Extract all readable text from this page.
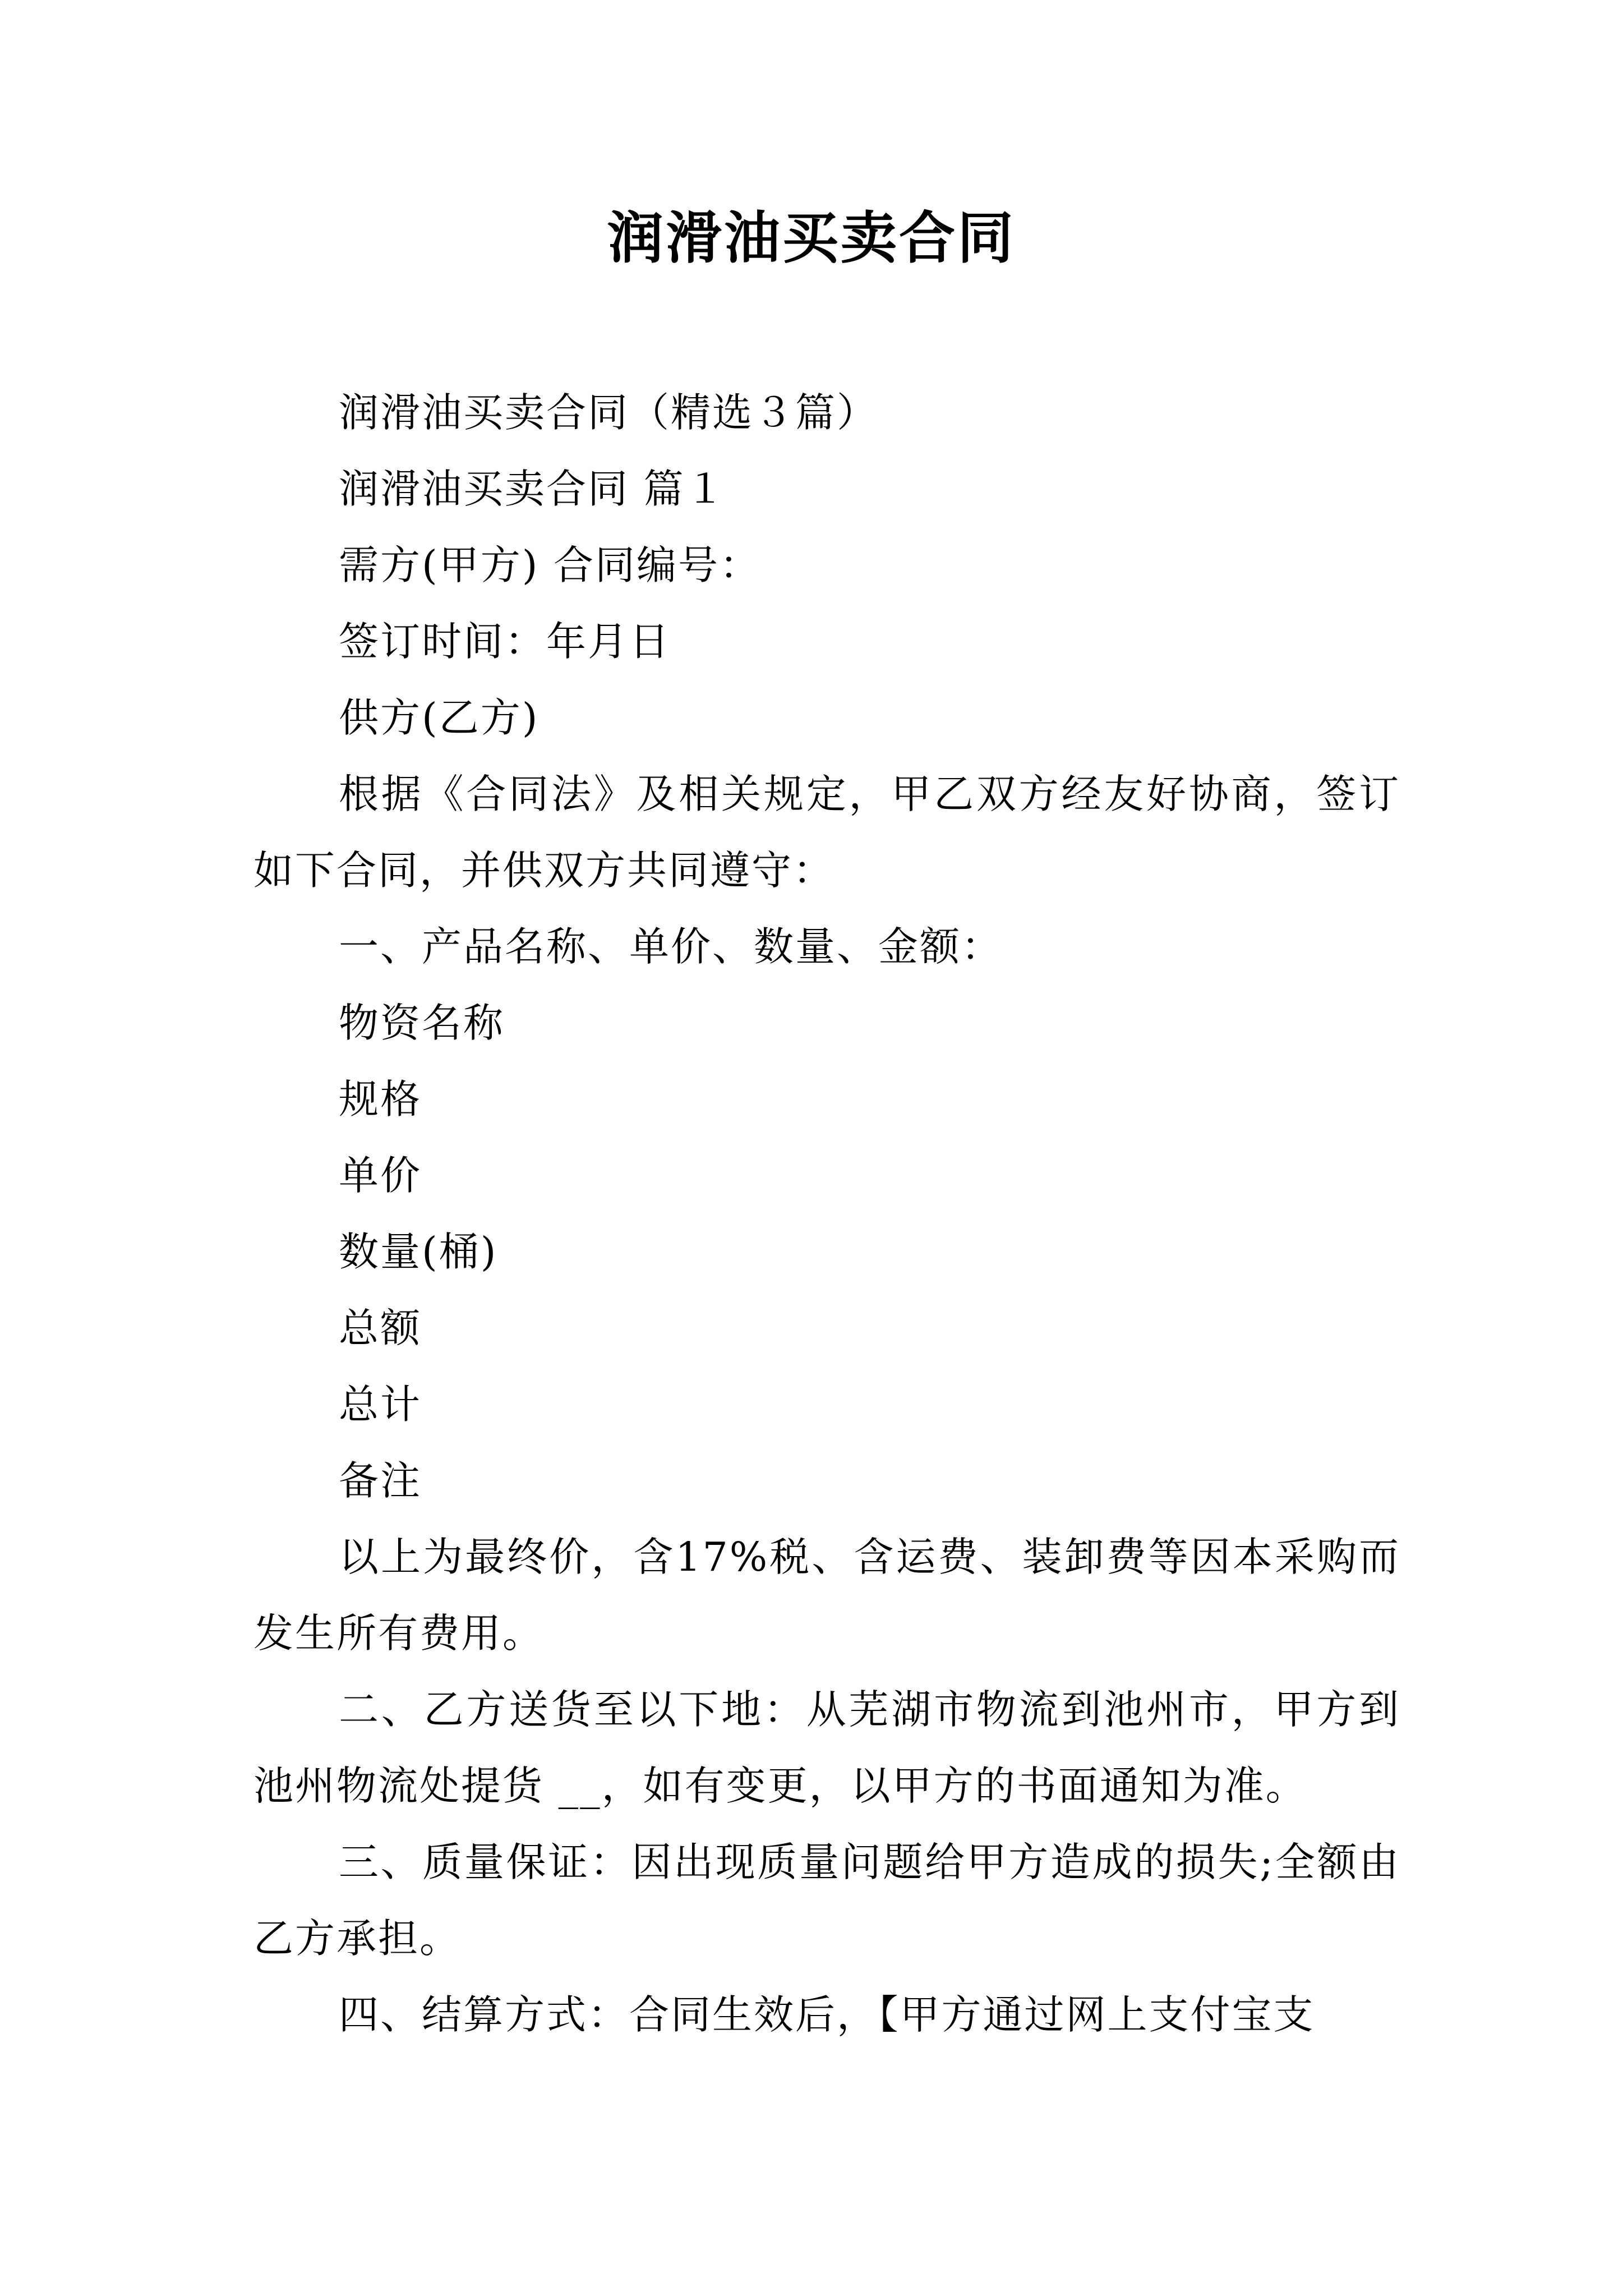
润滑油买卖合同

润滑油买卖合同（精选３篇）

润滑油买卖合同 篇１

需方(甲方) 合同编号：

签订时间：年月日

供方(乙方)

根据《合同法》及相关规定，甲乙双方经友好协商，签订如下合同，并供双方共同遵守：

一、产品名称、单价、数量、金额：

物资名称

规格

单价

数量(桶)

总额

总计

备注

以上为最终价，含17%税、含运费、装卸费等因本采购而发生所有费用。

二、乙方送货至以下地：从芜湖市物流到池州市，甲方到池州物流处提货 __，如有变更，以甲方的书面通知为准。

三、质量保证：因出现质量问题给甲方造成的损失;全额由乙方承担。

四、结算方式：合同生效后，【甲方通过网上支付宝支
